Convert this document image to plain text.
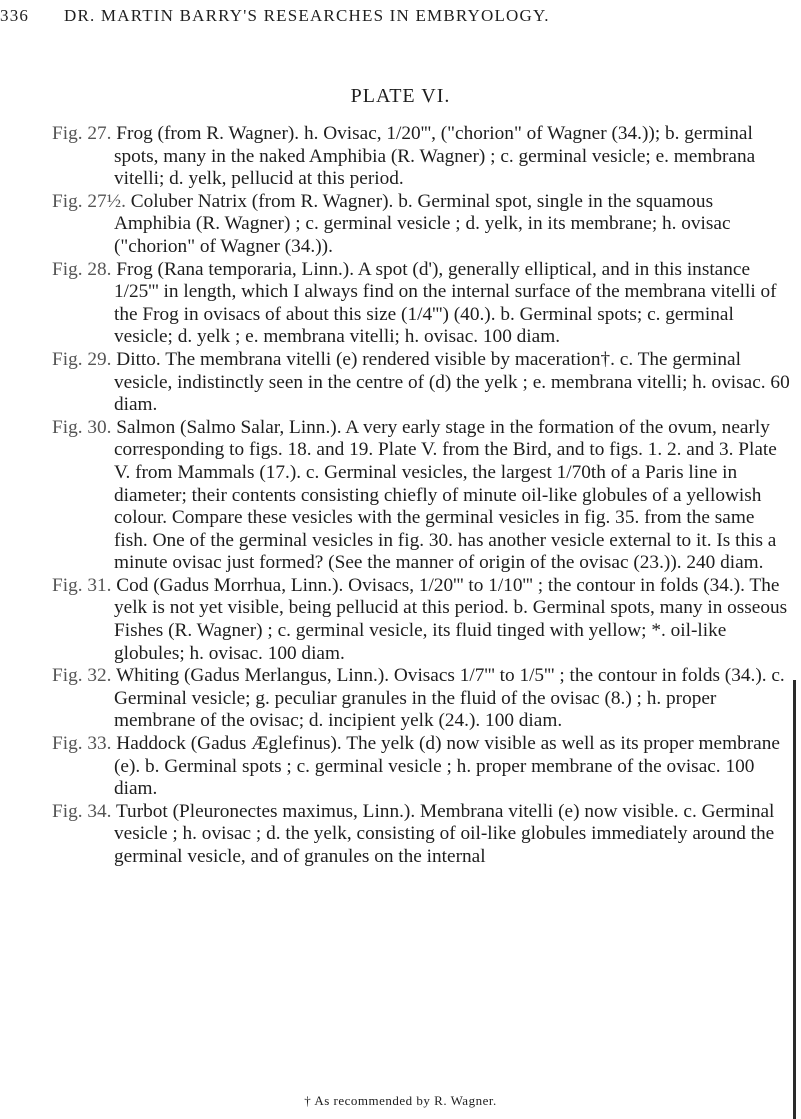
336 DR. MARTIN BARRY'S RESEARCHES IN EMBRYOLOGY.
PLATE VI.

Fig. 27. Frog (from R. Wagner). h. Ovisac, 1/20''', ("chorion" of Wagner (34.)); b. germinal spots, many in the naked Amphibia (R. Wagner) ; c. germinal vesicle; e. membrana vitelli; d. yelk, pellucid at this period.

Fig. 27½. Coluber Natrix (from R. Wagner). b. Germinal spot, single in the squamous Amphibia (R. Wagner) ; c. germinal vesicle ; d. yelk, in its membrane; h. ovisac ("chorion" of Wagner (34.)).

Fig. 28. Frog (Rana temporaria, Linn.). A spot (d'), generally elliptical, and in this instance 1/25''' in length, which I always find on the internal surface of the membrana vitelli of the Frog in ovisacs of about this size (1/4''') (40.). b. Germinal spots; c. germinal vesicle; d. yelk ; e. membrana vitelli; h. ovisac. 100 diam.

Fig. 29. Ditto. The membrana vitelli (e) rendered visible by maceration†. c. The germinal vesicle, indistinctly seen in the centre of (d) the yelk ; e. membrana vitelli; h. ovisac. 60 diam.

Fig. 30. Salmon (Salmo Salar, Linn.). A very early stage in the formation of the ovum, nearly corresponding to figs. 18. and 19. Plate V. from the Bird, and to figs. 1. 2. and 3. Plate V. from Mammals (17.). c. Germinal vesicles, the largest 1/70th of a Paris line in diameter; their contents consisting chiefly of minute oil-like globules of a yellowish colour. Compare these vesicles with the germinal vesicles in fig. 35. from the same fish. One of the germinal vesicles in fig. 30. has another vesicle external to it. Is this a minute ovisac just formed? (See the manner of origin of the ovisac (23.)). 240 diam.

Fig. 31. Cod (Gadus Morrhua, Linn.). Ovisacs, 1/20''' to 1/10''' ; the contour in folds (34.). The yelk is not yet visible, being pellucid at this period. b. Germinal spots, many in osseous Fishes (R. Wagner) ; c. germinal vesicle, its fluid tinged with yellow; *. oil-like globules; h. ovisac. 100 diam.

Fig. 32. Whiting (Gadus Merlangus, Linn.). Ovisacs 1/7''' to 1/5''' ; the contour in folds (34.). c. Germinal vesicle; g. peculiar granules in the fluid of the ovisac (8.) ; h. proper membrane of the ovisac; d. incipient yelk (24.). 100 diam.

Fig. 33. Haddock (Gadus Æglefinus). The yelk (d) now visible as well as its proper membrane (e). b. Germinal spots ; c. germinal vesicle ; h. proper membrane of the ovisac. 100 diam.

Fig. 34. Turbot (Pleuronectes maximus, Linn.). Membrana vitelli (e) now visible. c. Germinal vesicle ; h. ovisac ; d. the yelk, consisting of oil-like globules immediately around the germinal vesicle, and of granules on the internal

† As recommended by R. Wagner.
